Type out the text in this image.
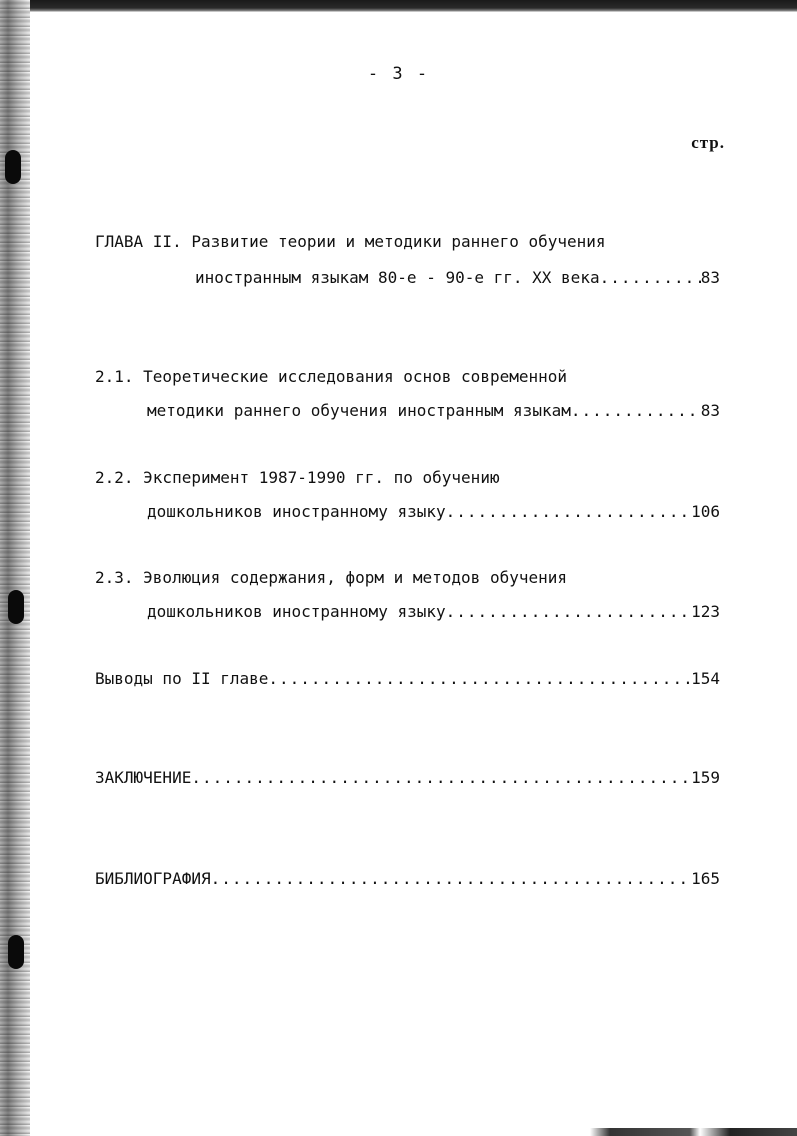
- 3 -
стр.
ГЛАВА II. Развитие теории и методики раннего обучения
иностранным языкам 80-е - 90-е гг. XX века .....	83
2.1. Теоретические исследования основ современной
методики раннего обучения иностранным языкам .....	83
2.2. Эксперимент 1987-1990 гг. по обучению
дошкольников иностранному языку .....	106
2.3. Эволюция содержания, форм и методов обучения
дошкольников иностранному языку .....	123
Выводы по II главе .....	154
ЗАКЛЮЧЕНИЕ .....	159
БИБЛИОГРАФИЯ .....	165
